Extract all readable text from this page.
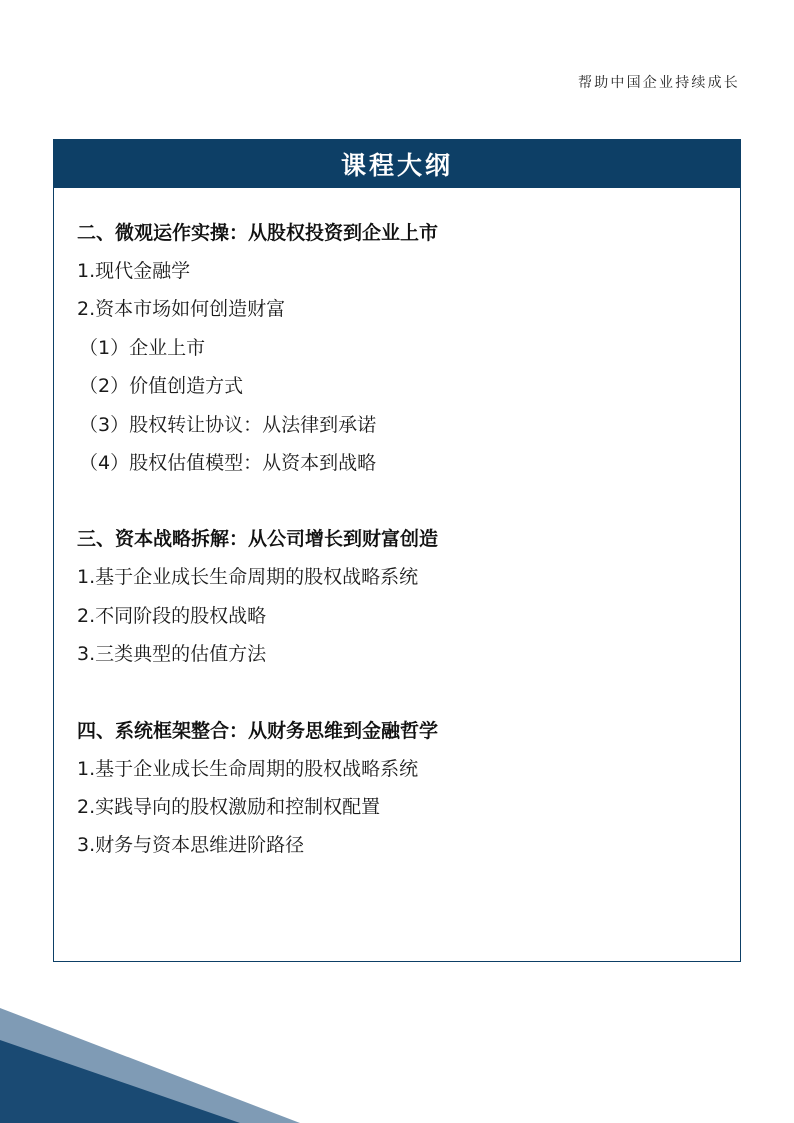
帮助中国企业持续成长
课程大纲
二、微观运作实操：从股权投资到企业上市
1.现代金融学
2.资本市场如何创造财富
（1）企业上市
（2）价值创造方式
（3）股权转让协议：从法律到承诺
（4）股权估值模型：从资本到战略
三、资本战略拆解：从公司增长到财富创造
1.基于企业成长生命周期的股权战略系统
2.不同阶段的股权战略
3.三类典型的估值方法
四、系统框架整合：从财务思维到金融哲学
1.基于企业成长生命周期的股权战略系统
2.实践导向的股权激励和控制权配置
3.财务与资本思维进阶路径
